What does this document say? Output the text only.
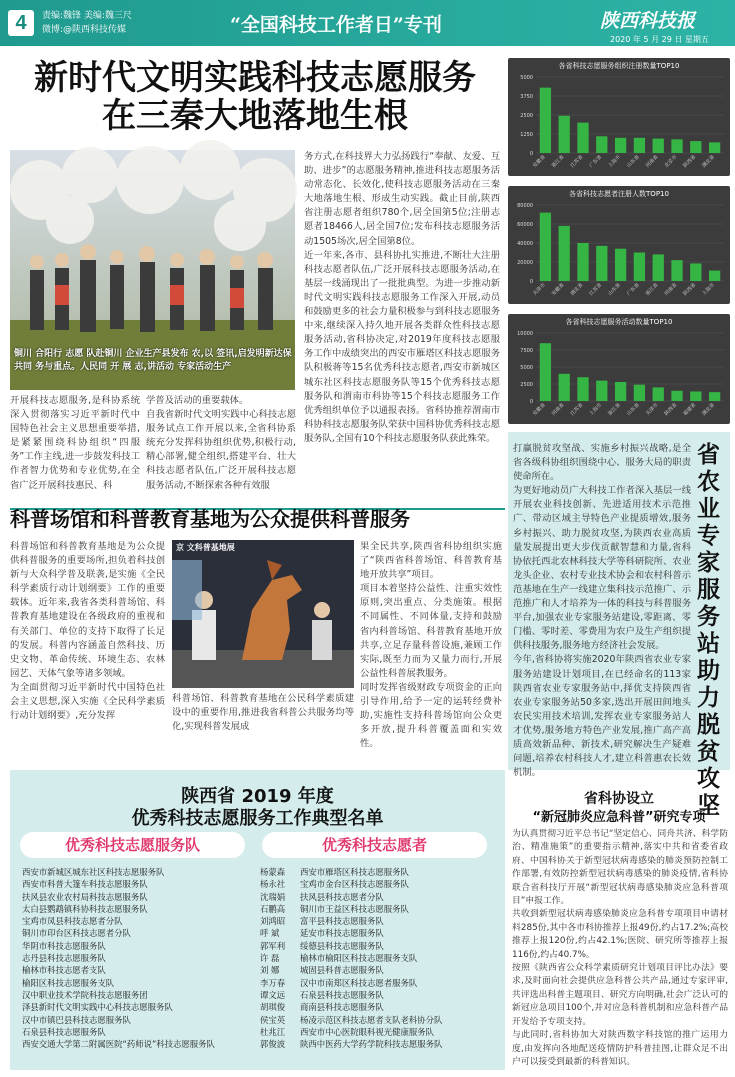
4	责编:魏锋 美编:魏三尺
微博:@陕西科技传媒	“全国科技工作者日”专刊	陕西科技报
2020 年 5 月 29 日 星期五
新时代文明实践科技志愿服务
在三秦大地落地生根
铜川 合阳行 志愿 队赴铜川 企业生产县发布 农,以 签讯,启发明新达保共同 务与重点。人民同 开 展 志,讲活动 专家活动生产
开展科技志愿服务,是科协系统深入贯彻落实习近平新时代中国特色社会主义思想重要举措,是紧紧围绕科协组织“四服务”工作主线,进一步鼓发科技工作者智力优势和专业优势,在全省广泛开展科技惠民、科
学普及活动的重要载体。
自我省新时代文明实践中心科技志愿服务试点工作开展以来,全省科协系统充分发挥科协组织优势,积极行动,精心部署,健全组织,搭建平台、壮大科技志愿者队伍,广泛开展科技志愿服务活动,不断探索各种有效服
务方式,在科技界大力弘扬践行“奉献、友爱、互助、进步”的志愿服务精神,推进科技志愿服务活动常态化、长效化,使科技志愿服务活动在三秦大地落地生根、形成生动实践。截止目前,陕西省注册志愿者组织780个,居全国第5位;注册志愿者18466人,居全国7位;发布科技志愿服务活动1505场次,居全国第8位。
近一年来,各市、县科协扎实推进,不断壮大注册科技志愿者队伍,广泛开展科技志愿服务活动,在基层一线涌现出了一批批典型。为进一步推动新时代文明实践科技志愿服务工作深入开展,动员和鼓励更多的社会力量积极参与到科技志愿服务中来,继续深入持久地开展各类群众性科技志愿服务活动,省科协决定,对2019年度科技志愿服务工作中成绩突出的西安市雁塔区科技志愿服务队积极蒋等15名优秀科技志愿者,西安市新城区城东社区科技志愿服务队等15个优秀科技志愿服务队和渭南市科协等15个科技志愿服务工作优秀组织单位予以通报表扬。省科协推荐渭南市科协科技志愿服务队荣获中国科协优秀科技志愿服务队,全国有10个科技志愿服务队获此殊荣。
各省科技志愿服务组织注册数量TOP10
0
1250
2500
3750
5000
安徽省 浙江省 江苏省 广东省 上海市 山东省 河南省 北京市 陕西省 湖北省
各省科技志愿者注册人数TOP10
0
20000
40000
60000
80000
天津市 安徽省 湖北省 江苏省 山东省 广东省 浙江省 河南省 陕西省 上海市
各省科技志愿服务活动数量TOP10
0
2500
5000
7500
10000
安徽省 河南省 江苏省 上海市 浙江省 山东省 天津市 陕西省 福建省 湖北省
科普场馆和科普教育基地为公众提供科普服务
科普场馆和科普教育基地是为公众提供科普服务的重要场所,担负着科技创新与大众科学普及联袭,是实施《全民科学素质行动计划纲要》工作的重要载体。近年来,我省各类科普场馆、科普教育基地建设在各级政府的重视和有关部门、单位的支持下取得了长足的发展。科普内容涵盖自然科技、历史文物、革命传统、环境生态、农林园艺、天体气象等诸多领域。
为全面贯彻习近平新时代中国特色社会主义思想,深入实施《全民科学素质行动计划纲要》,充分发挥
京 文科普基地展
科普场馆、科普教育基地在公民科学素质建设中的重要作用,推进我省科普公共服务均等化,实现科普发展成
果全民共享,陕西省科协组织实施了“陕西省科普场馆、科普教育基地开放共享”项目。
项目本着坚持公益性、注重实效性原则,突出重点、分类施策。根据不同属性、不同体量,支持和鼓励省内科普场馆、科普教育基地开放共享,立足存量科普设施,兼顾工作实际,既至力而为又量力而行,开展公益性科普展教服务。
同时发挥省级财政专项资金的正向引导作用,给予一定的运转经费补助,实施性支持科普场馆向公众更多开放,提升科普覆盖面和实效性。
打赢脱贫攻坚战、实施乡村振兴战略,是全省各级科协组织围绕中心、服务大局的职责使命所在。
为更好地动员广大科技工作者深入基层一线开展农业科技创新、先进适用技术示范推广、带动区域主导特色产业提质增效,服务乡村振兴、助力脱贫攻坚,为陕西农业高质量发展提出更大步伐贡献智慧和力量,省科协依托西北农林科技大学等科研院所、农业龙头企业、农村专业技术协会和农村科普示范基地在生产一线建立集科技示范推广、示范推广和人才培养为一体的科技与科普服务平台,加强农业专家服务站建设,零距离、零门槛、零时差、零费用为农户及生产组织提供科技服务,服务地方经济社会发展。
今年,省科协将实施2020年陕西省农业专家服务站建设计划项目,在已经命名的113家陕西省农业专家服务站中,择优支持陕西省农业专家服务站50多家,选出开展田间地头农民实用技术培训,发挥农业专家服务站人才优势,服务地方特色产业发展,推广高产高质高效新品种、新技术,研究解决生产疑难问题,培养农村科技人才,建立科普惠农长效机制。
省农业专家服务站助力脱贫攻坚
陕西省 2019 年度
优秀科技志愿服务工作典型名单
优秀科技志愿服务队	优秀科技志愿者
西安市新城区城东社区科技志愿服务队
西安市科普大篷车科技志愿服务队
扶风县农业农村局科技志愿服务队
太白县鹦鹉镇科协科技志愿服务队
宝鸡市凤县科技志愿者分队
铜川市印台区科技志愿者分队
华阴市科技志愿服务队
志丹县科技志愿服务队
榆林市科技志愿者支队
榆阳区科技志愿服务支队
汉中职业技术学院科技志愿服务团
泽县新时代文明实践中心科技志愿服务队
汉中市镇巴县科技志愿服务队
石泉县科技志愿服务队
西安交通大学第二附属医院“药师说”科技志愿服务队
杨蒙森 西安市雁塔区科技志愿服务队
杨永社 宝鸡市金台区科技志愿服务队
沈瑞娟 扶风县科技志愿者分队
石鹏高 铜川市王益区科技志愿服务队
刘鸿昭 富平县科技志愿服务队
呼 斌 延安市科技志愿服务队
郭军利 绥德县科技志愿服务队
许 磊 榆林市榆阳区科技志愿服务支队
刘 娜 城固县科普志愿服务队
李万春 汉中市南郑区科技志愿者服务队
谭文远 石泉县科技志愿服务队
胡琪俊 商南县科技志愿服务队
侯宝英 杨凌示范区科技志愿者支队老科协分队
杜兆江 西安市中心医院眼科视光健康服务队
郭俊波 陕西中医药大学药学院科技志愿服务队
省科协设立
“新冠肺炎应急科普”研究专项
为认真贯彻习近平总书记“坚定信心、同舟共济、科学防治、精准施策”的重要指示精神,落实中共和省委省政府、中国科协关于新型冠状病毒感染的肺炎预防控制工作部署,有效防控新型冠状病毒感染的肺炎疫情,省科协联合省科技厅开展“新型冠状病毒感染肺炎应急科普项目”申报工作。
共收到新型冠状病毒感染肺炎应急科普专项项目申请材料285份,其中各市科协推荐上报49份,约占17.2%;高校推荐上报120份,约占42.1%;医院、研究所等推荐上报116份,约占40.7%。
按照《陕西省公众科学素质研究计划项目评比办法》要求,及时面向社会提供应急科普公共产品,通过专家评审,共评选出科普主题项目、研究方向明确,社会广泛认可的新冠应急项目100个,并对应急科普机制和应急科普产品开发给予专项支持。
与此同时,省科协加大对陕西数字科技馆的推广运用力度,由发挥向各地配送疫情防护科普挂图,让群众足不出户可以接受到最新的科普知识。
